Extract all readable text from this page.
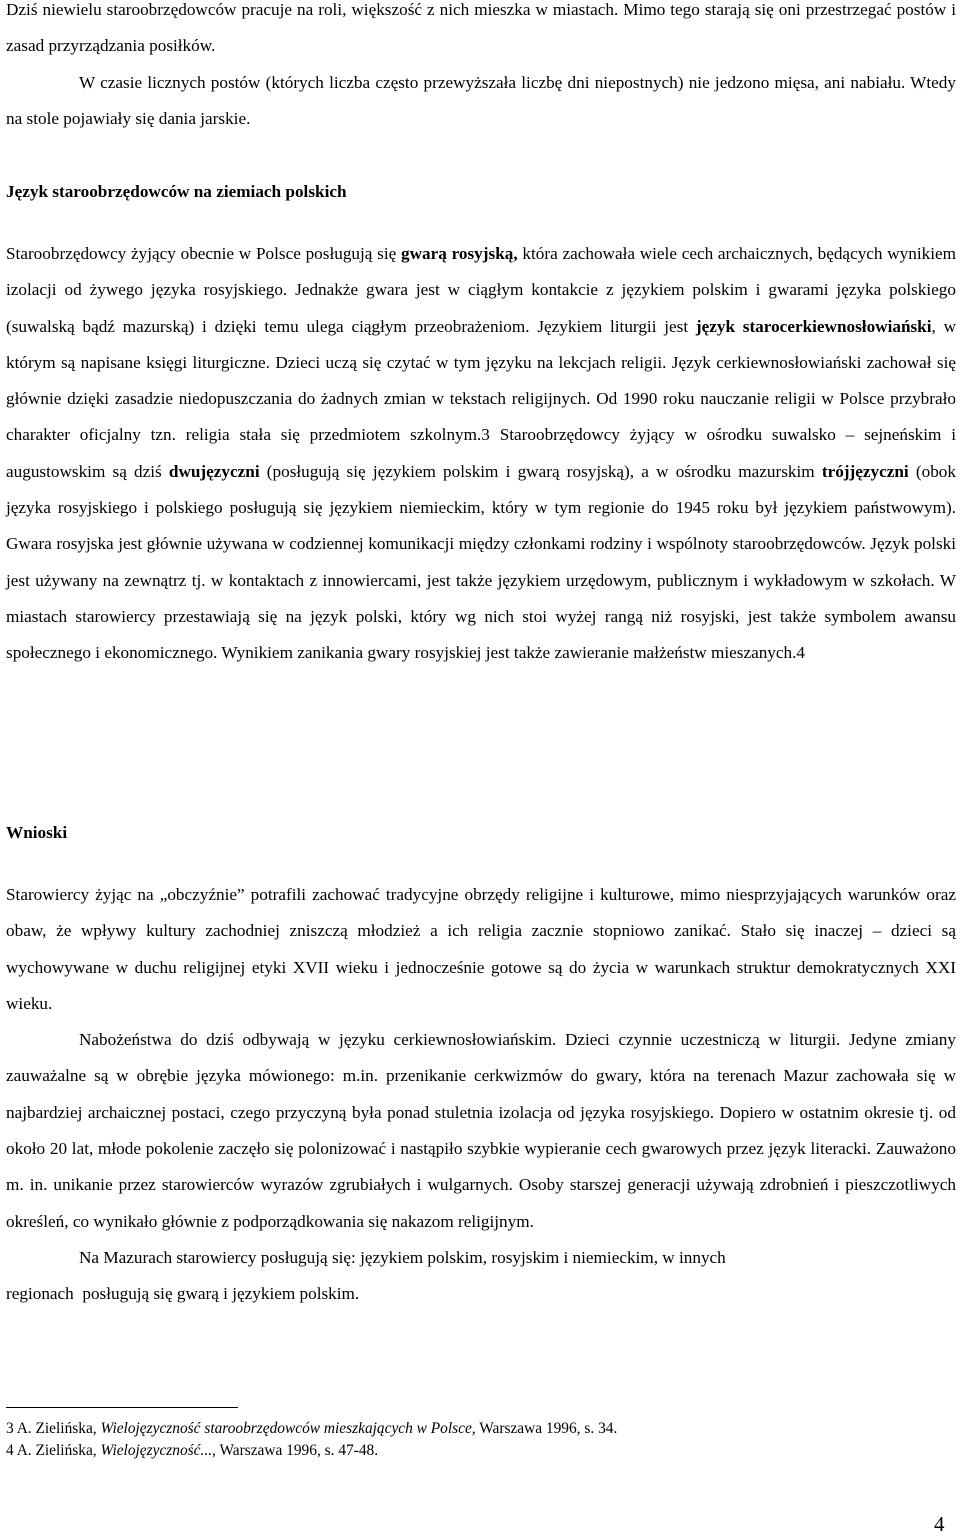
Dziś niewielu staroobrzędowców pracuje na roli, większość z nich mieszka w miastach. Mimo tego starają się oni przestrzegać postów i zasad przyrządzania posiłków.
W czasie licznych postów (których liczba często przewyższała liczbę dni niepostnych) nie jedzono mięsa, ani nabiału. Wtedy na stole pojawiały się dania jarskie.
Język staroobrzędowców na ziemiach polskich
Staroobrzędowcy żyjący obecnie w Polsce posługują się gwarą rosyjską, która zachowała wiele cech archaicznych, będących wynikiem izolacji od żywego języka rosyjskiego. Jednakże gwara jest w ciągłym kontakcie z językiem polskim i gwarami języka polskiego (suwalską bądź mazurską) i dzięki temu ulega ciągłym przeobrażeniom. Językiem liturgii jest język starocerkiewnosłowiański, w którym są napisane księgi liturgiczne. Dzieci uczą się czytać w tym języku na lekcjach religii. Język cerkiewnosłowiański zachował się głównie dzięki zasadzie niedopuszczania do żadnych zmian w tekstach religijnych. Od 1990 roku nauczanie religii w Polsce przybrało charakter oficjalny tzn. religia stała się przedmiotem szkolnym.3 Staroobrzędowcy żyjący w ośrodku suwalsko – sejneńskim i augustowskim są dziś dwujęzyczni (posługują się językiem polskim i gwarą rosyjską), a w ośrodku mazurskim trójjęzyczni (obok języka rosyjskiego i polskiego posługują się językiem niemieckim, który w tym regionie do 1945 roku był językiem państwowym). Gwara rosyjska jest głównie używana w codziennej komunikacji między członkami rodziny i wspólnoty staroobrzędowców. Język polski jest używany na zewnątrz tj. w kontaktach z innowiercami, jest także językiem urzędowym, publicznym i wykładowym w szkołach. W miastach starowiercy przestawiają się na język polski, który wg nich stoi wyżej rangą niż rosyjski, jest także symbolem awansu społecznego i ekonomicznego. Wynikiem zanikania gwary rosyjskiej jest także zawieranie małżeństw mieszanych.4
Wnioski
Starowiercy żyjąc na „obczyźnie” potrafili zachować tradycyjne obrzędy religijne i kulturowe, mimo niesprzyjających warunków oraz obaw, że wpływy kultury zachodniej zniszczą młodzież a ich religia zacznie stopniowo zanikać. Stało się inaczej – dzieci są wychowywane w duchu religijnej etyki XVII wieku i jednocześnie gotowe są do życia w warunkach struktur demokratycznych XXI wieku.
Nabożeństwa do dziś odbywają w języku cerkiewnosłowiańskim. Dzieci czynnie uczestniczą w liturgii. Jedyne zmiany zauważalne są w obrębie języka mówionego: m.in. przenikanie cerkwizmów do gwary, która na terenach Mazur zachowała się w najbardziej archaicznej postaci, czego przyczyną była ponad stuletnia izolacja od języka rosyjskiego. Dopiero w ostatnim okresie tj. od około 20 lat, młode pokolenie zaczęło się polonizować i nastąpiło szybkie wypieranie cech gwarowych przez język literacki. Zauważono m. in. unikanie przez starowierców wyrazów zgrubiałych i wulgarnych. Osoby starszej generacji używają zdrobnień i pieszczotliwych określeń, co wynikało głównie z podporządkowania się nakazom religijnym.
Na Mazurach starowiercy posługują się: językiem polskim, rosyjskim i niemieckim, w innych
regionach  posługują się gwarą i językiem polskim.
3 A. Zielińska, Wielojęzyczność staroobrzędowców mieszkających w Polsce, Warszawa 1996, s. 34.
4 A. Zielińska, Wielojęzyczność..., Warszawa 1996, s. 47-48.
4
